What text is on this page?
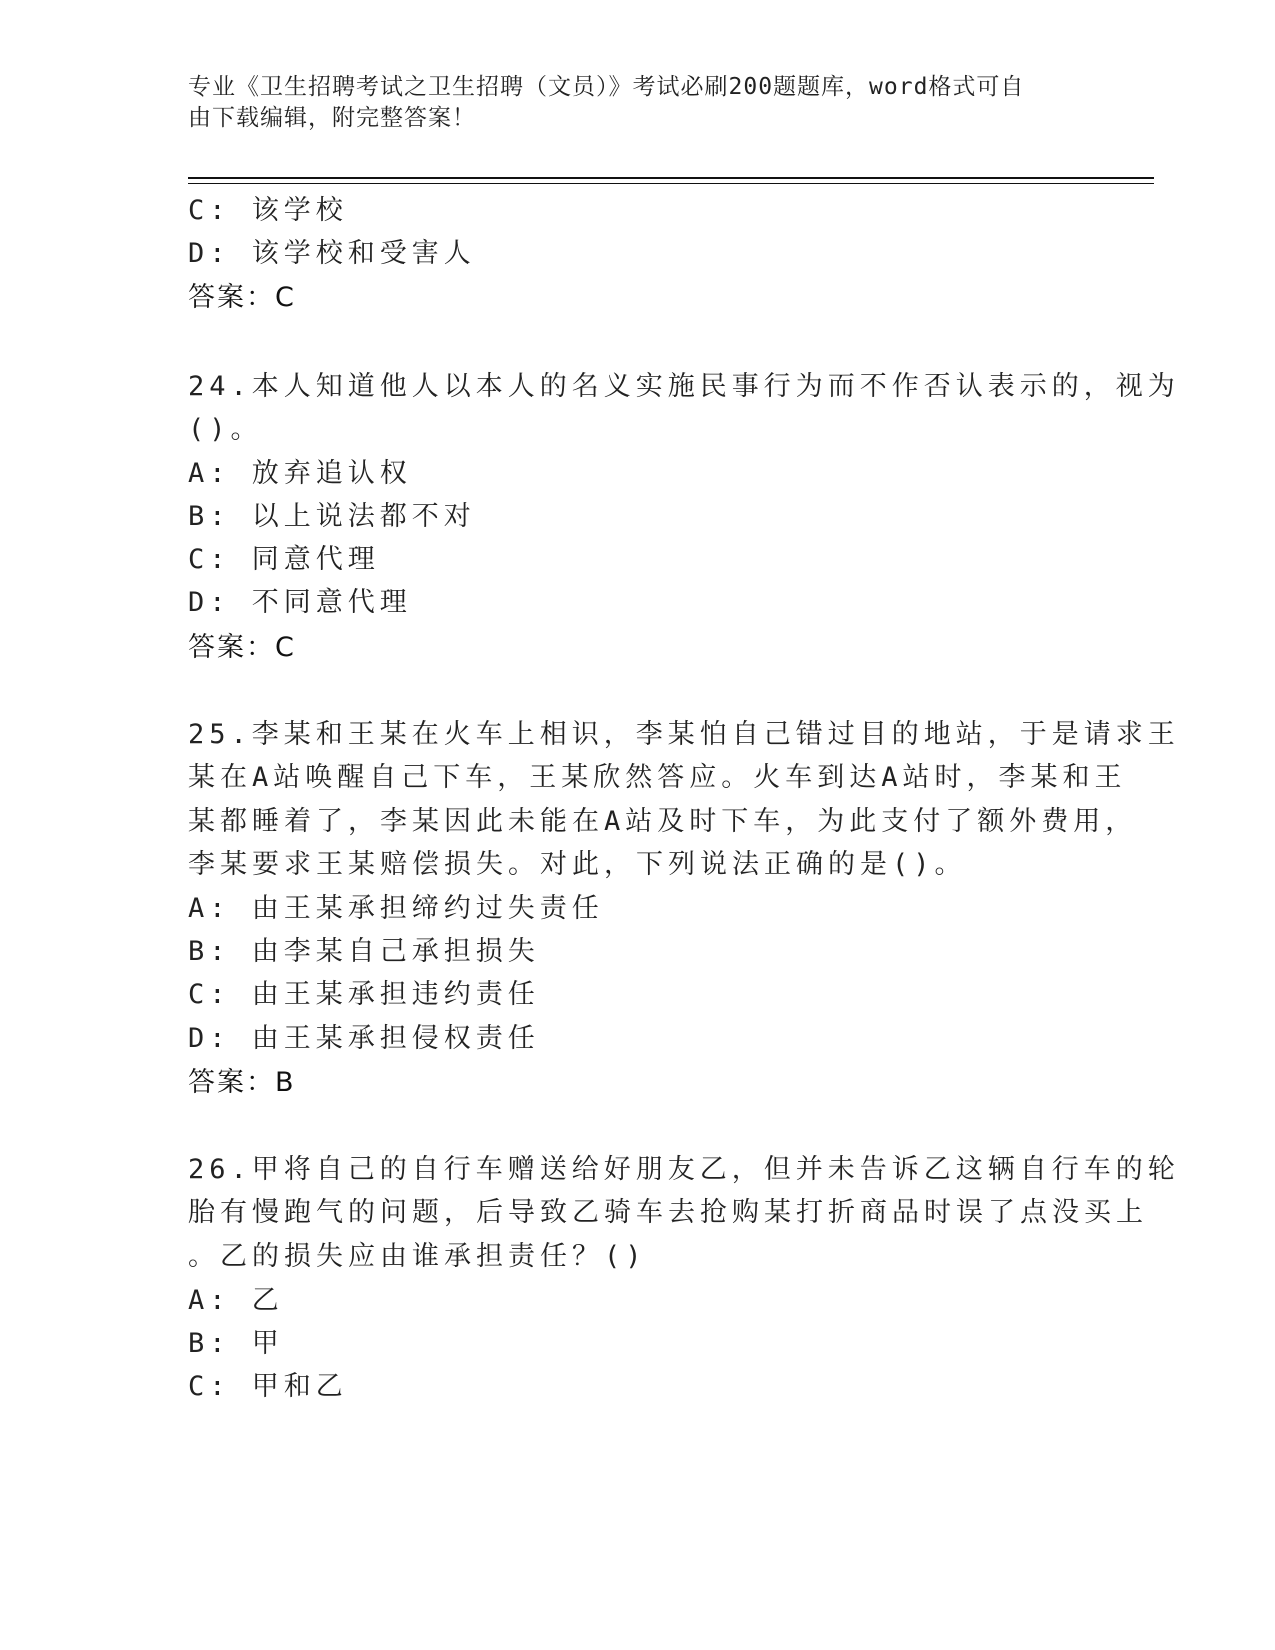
专业《卫生招聘考试之卫生招聘（文员）》考试必刷200题题库，word格式可自
由下载编辑，附完整答案！
C: 该学校
D: 该学校和受害人
答案：C
24.本人知道他人以本人的名义实施民事行为而不作否认表示的，视为
()。
A: 放弃追认权
B: 以上说法都不对
C: 同意代理
D: 不同意代理
答案：C
25.李某和王某在火车上相识，李某怕自己错过目的地站，于是请求王
某在A站唤醒自己下车，王某欣然答应。火车到达A站时，李某和王
某都睡着了，李某因此未能在A站及时下车，为此支付了额外费用，
李某要求王某赔偿损失。对此，下列说法正确的是()。
A: 由王某承担缔约过失责任
B: 由李某自己承担损失
C: 由王某承担违约责任
D: 由王某承担侵权责任
答案：B
26.甲将自己的自行车赠送给好朋友乙，但并未告诉乙这辆自行车的轮
胎有慢跑气的问题，后导致乙骑车去抢购某打折商品时误了点没买上
。乙的损失应由谁承担责任？()
A: 乙
B: 甲
C: 甲和乙
